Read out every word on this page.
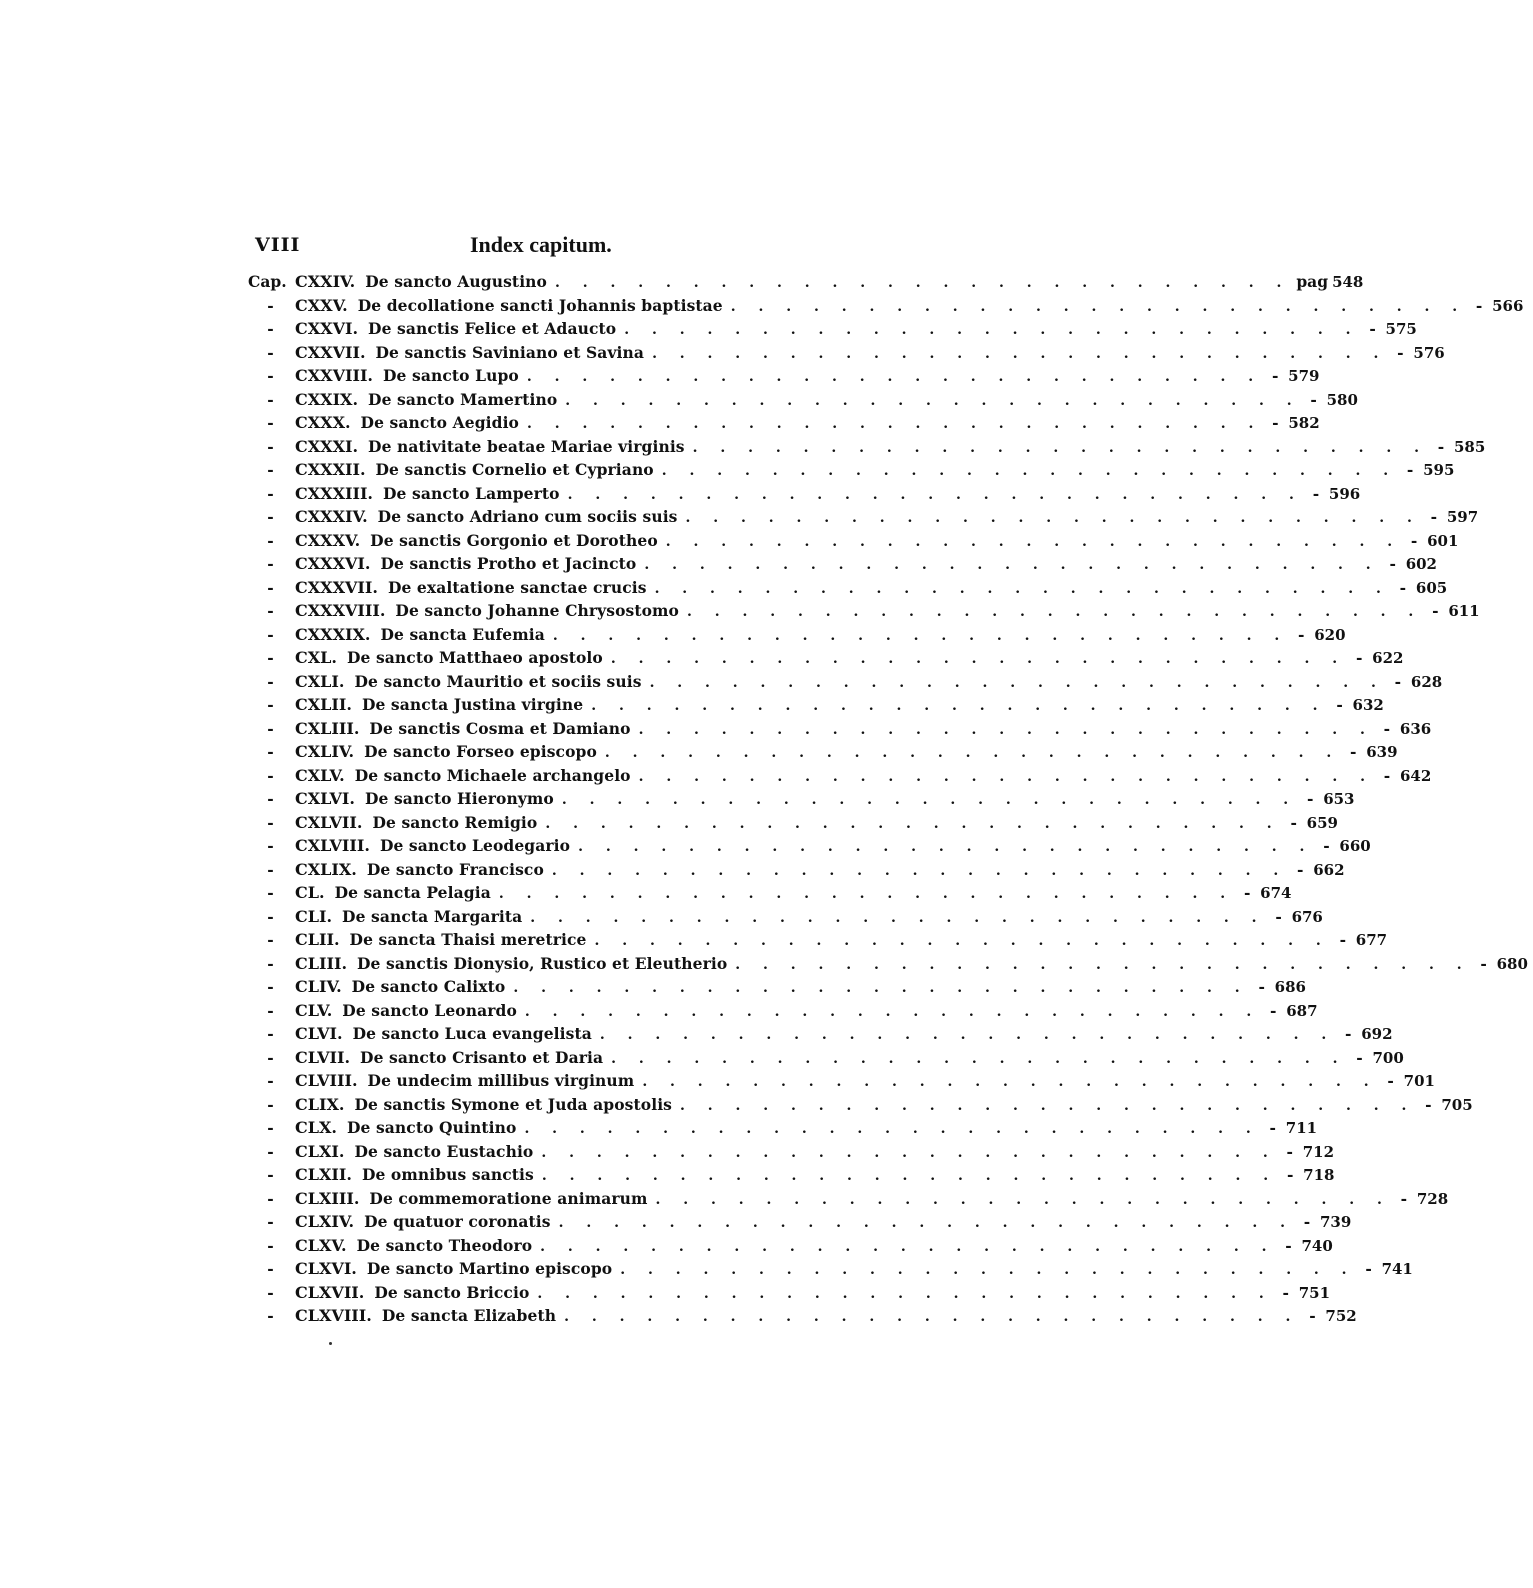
VIII	Index capitum.
Cap. CXXIV. De sancto Augustino . . . . . . . . . . . . . . . . . . . . . . . . . . . pag 548
-	CXXV. De decollatione sancti Johannis baptistae . . . . . . . . . . . . . . . . . . . . . . . . . . . - 566
-	CXXVI. De sanctis Felice et Adaucto . . . . . . . . . . . . . . . . . . . . . . . . . . . - 575
-	CXXVII. De sanctis Saviniano et Savina . . . . . . . . . . . . . . . . . . . . . . . . . . . - 576
-	CXXVIII. De sancto Lupo . . . . . . . . . . . . . . . . . . . . . . . . . . . - 579
-	CXXIX. De sancto Mamertino . . . . . . . . . . . . . . . . . . . . . . . . . . . - 580
-	CXXX. De sancto Aegidio . . . . . . . . . . . . . . . . . . . . . . . . . . . - 582
-	CXXXI. De nativitate beatae Mariae virginis . . . . . . . . . . . . . . . . . . . . . . . . . . . - 585
-	CXXXII. De sanctis Cornelio et Cypriano . . . . . . . . . . . . . . . . . . . . . . . . . . . - 595
-	CXXXIII. De sancto Lamperto . . . . . . . . . . . . . . . . . . . . . . . . . . . - 596
-	CXXXIV. De sancto Adriano cum sociis suis . . . . . . . . . . . . . . . . . . . . . . . . . . . - 597
-	CXXXV. De sanctis Gorgonio et Dorotheo . . . . . . . . . . . . . . . . . . . . . . . . . . . - 601
-	CXXXVI. De sanctis Protho et Jacincto . . . . . . . . . . . . . . . . . . . . . . . . . . . - 602
-	CXXXVII. De exaltatione sanctae crucis . . . . . . . . . . . . . . . . . . . . . . . . . . . - 605
-	CXXXVIII. De sancto Johanne Chrysostomo . . . . . . . . . . . . . . . . . . . . . . . . . . . - 611
-	CXXXIX. De sancta Eufemia . . . . . . . . . . . . . . . . . . . . . . . . . . . - 620
-	CXL. De sancto Matthaeo apostolo . . . . . . . . . . . . . . . . . . . . . . . . . . . - 622
-	CXLI. De sancto Mauritio et sociis suis . . . . . . . . . . . . . . . . . . . . . . . . . . . - 628
-	CXLII. De sancta Justina virgine . . . . . . . . . . . . . . . . . . . . . . . . . . . - 632
-	CXLIII. De sanctis Cosma et Damiano . . . . . . . . . . . . . . . . . . . . . . . . . . . - 636
-	CXLIV. De sancto Forseo episcopo . . . . . . . . . . . . . . . . . . . . . . . . . . . - 639
-	CXLV. De sancto Michaele archangelo . . . . . . . . . . . . . . . . . . . . . . . . . . . - 642
-	CXLVI. De sancto Hieronymo . . . . . . . . . . . . . . . . . . . . . . . . . . . - 653
-	CXLVII. De sancto Remigio . . . . . . . . . . . . . . . . . . . . . . . . . . . - 659
-	CXLVIII. De sancto Leodegario . . . . . . . . . . . . . . . . . . . . . . . . . . . - 660
-	CXLIX. De sancto Francisco . . . . . . . . . . . . . . . . . . . . . . . . . . . - 662
-	CL. De sancta Pelagia . . . . . . . . . . . . . . . . . . . . . . . . . . . - 674
-	CLI. De sancta Margarita . . . . . . . . . . . . . . . . . . . . . . . . . . . - 676
-	CLII. De sancta Thaisi meretrice . . . . . . . . . . . . . . . . . . . . . . . . . . . - 677
-	CLIII. De sanctis Dionysio, Rustico et Eleutherio . . . . . . . . . . . . . . . . . . . . . . . . . . . - 680
-	CLIV. De sancto Calixto . . . . . . . . . . . . . . . . . . . . . . . . . . . - 686
-	CLV. De sancto Leonardo . . . . . . . . . . . . . . . . . . . . . . . . . . . - 687
-	CLVI. De sancto Luca evangelista . . . . . . . . . . . . . . . . . . . . . . . . . . . - 692
-	CLVII. De sancto Crisanto et Daria . . . . . . . . . . . . . . . . . . . . . . . . . . . - 700
-	CLVIII. De undecim millibus virginum . . . . . . . . . . . . . . . . . . . . . . . . . . . - 701
-	CLIX. De sanctis Symone et Juda apostolis . . . . . . . . . . . . . . . . . . . . . . . . . . . - 705
-	CLX. De sancto Quintino . . . . . . . . . . . . . . . . . . . . . . . . . . . - 711
-	CLXI. De sancto Eustachio . . . . . . . . . . . . . . . . . . . . . . . . . . . - 712
-	CLXII. De omnibus sanctis . . . . . . . . . . . . . . . . . . . . . . . . . . . - 718
-	CLXIII. De commemoratione animarum . . . . . . . . . . . . . . . . . . . . . . . . . . . - 728
-	CLXIV. De quatuor coronatis . . . . . . . . . . . . . . . . . . . . . . . . . . . - 739
-	CLXV. De sancto Theodoro . . . . . . . . . . . . . . . . . . . . . . . . . . . - 740
-	CLXVI. De sancto Martino episcopo . . . . . . . . . . . . . . . . . . . . . . . . . . . - 741
-	CLXVII. De sancto Briccio . . . . . . . . . . . . . . . . . . . . . . . . . . . - 751
-	CLXVIII. De sancta Elizabeth . . . . . . . . . . . . . . . . . . . . . . . . . . . - 752
